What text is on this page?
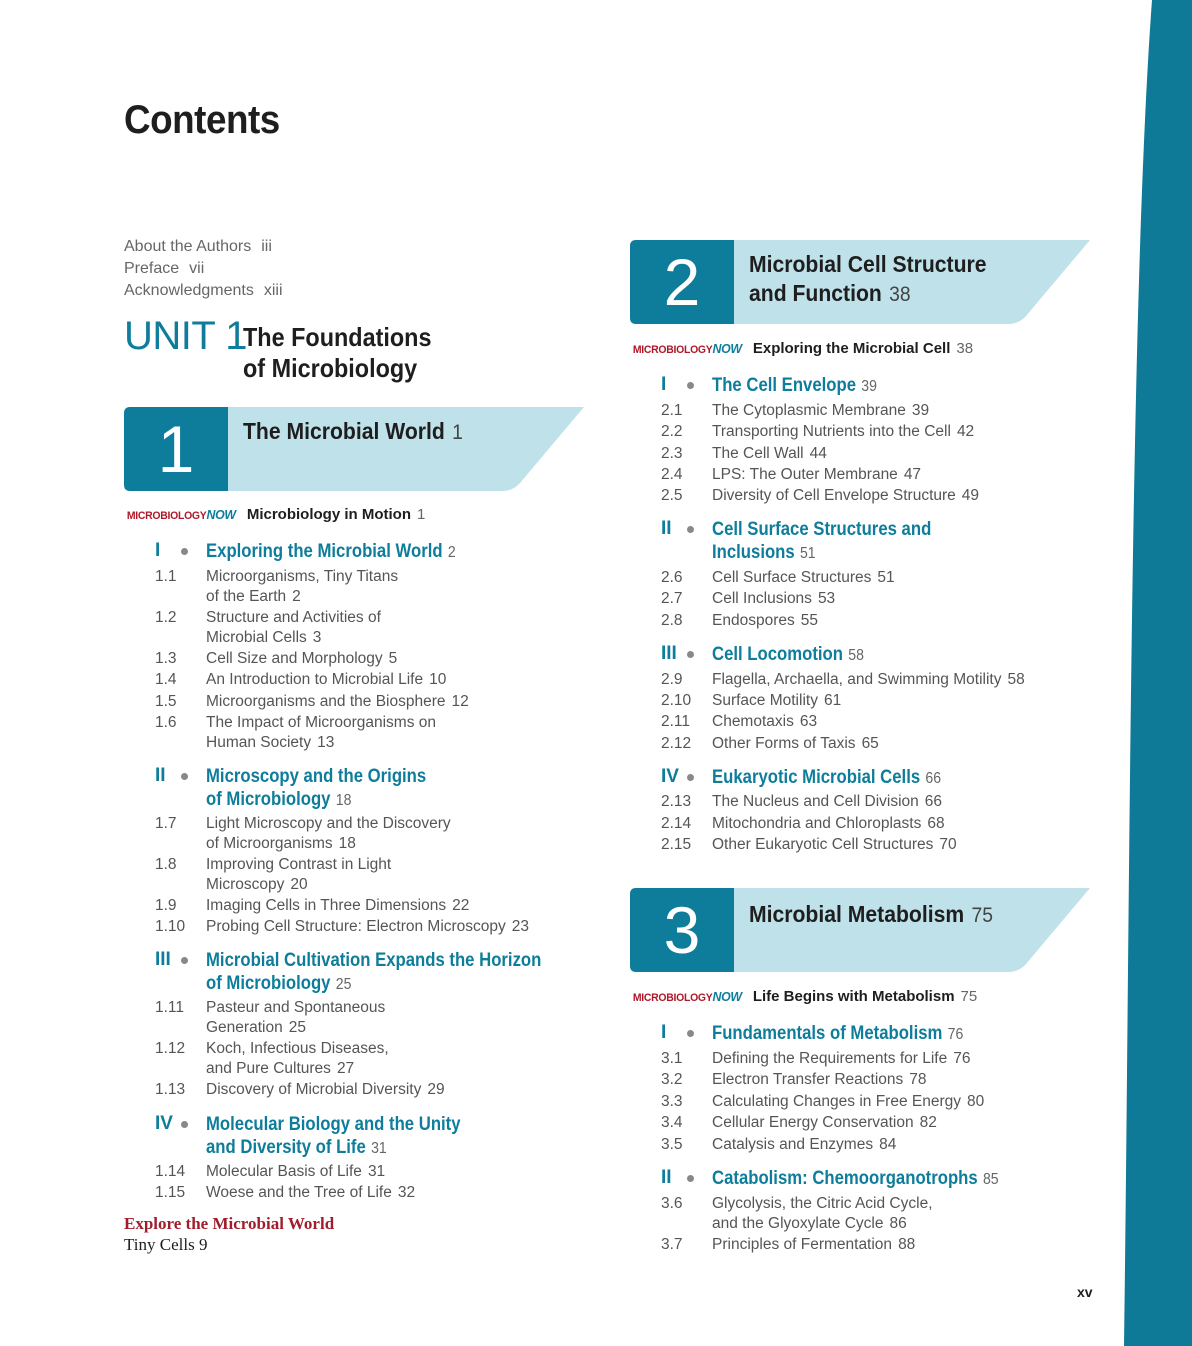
Contents
About the Authors iii
Preface vii
Acknowledgments xiii
UNIT 1
The Foundations
of Microbiology
1	The Microbial World 1
2	Microbial Cell Structure
and Function 38
3	Microbial Metabolism 75
MICROBIOLOGYNOW Microbiology in Motion 1
MICROBIOLOGYNOW Exploring the Microbial Cell 38
MICROBIOLOGYNOW Life Begins with Metabolism 75
I Exploring the Microbial World 2
1.1 Microorganisms, Tiny Titans
of the Earth 2
1.2 Structure and Activities of
Microbial Cells 3
1.3 Cell Size and Morphology 5
1.4 An Introduction to Microbial Life 10
1.5 Microorganisms and the Biosphere 12
1.6 The Impact of Microorganisms on
Human Society 13
II Microscopy and the Origins
of Microbiology 18
1.7 Light Microscopy and the Discovery
of Microorganisms 18
1.8 Improving Contrast in Light
Microscopy 20
1.9 Imaging Cells in Three Dimensions 22
1.10 Probing Cell Structure: Electron Microscopy 23
III Microbial Cultivation Expands the Horizon
of Microbiology 25
1.11 Pasteur and Spontaneous
Generation 25
1.12 Koch, Infectious Diseases,
and Pure Cultures 27
1.13 Discovery of Microbial Diversity 29
IV Molecular Biology and the Unity
and Diversity of Life 31
1.14 Molecular Basis of Life 31
1.15 Woese and the Tree of Life 32
I The Cell Envelope 39
2.1 The Cytoplasmic Membrane 39
2.2 Transporting Nutrients into the Cell 42
2.3 The Cell Wall 44
2.4 LPS: The Outer Membrane 47
2.5 Diversity of Cell Envelope Structure 49
II Cell Surface Structures and
Inclusions 51
2.6 Cell Surface Structures 51
2.7 Cell Inclusions 53
2.8 Endospores 55
III Cell Locomotion 58
2.9 Flagella, Archaella, and Swimming Motility 58
2.10 Surface Motility 61
2.11 Chemotaxis 63
2.12 Other Forms of Taxis 65
IV Eukaryotic Microbial Cells 66
2.13 The Nucleus and Cell Division 66
2.14 Mitochondria and Chloroplasts 68
2.15 Other Eukaryotic Cell Structures 70
I Fundamentals of Metabolism 76
3.1 Defining the Requirements for Life 76
3.2 Electron Transfer Reactions 78
3.3 Calculating Changes in Free Energy 80
3.4 Cellular Energy Conservation 82
3.5 Catalysis and Enzymes 84
II Catabolism: Chemoorganotrophs 85
3.6 Glycolysis, the Citric Acid Cycle,
and the Glyoxylate Cycle 86
3.7 Principles of Fermentation 88
Explore the Microbial World
Tiny Cells 9
xv
